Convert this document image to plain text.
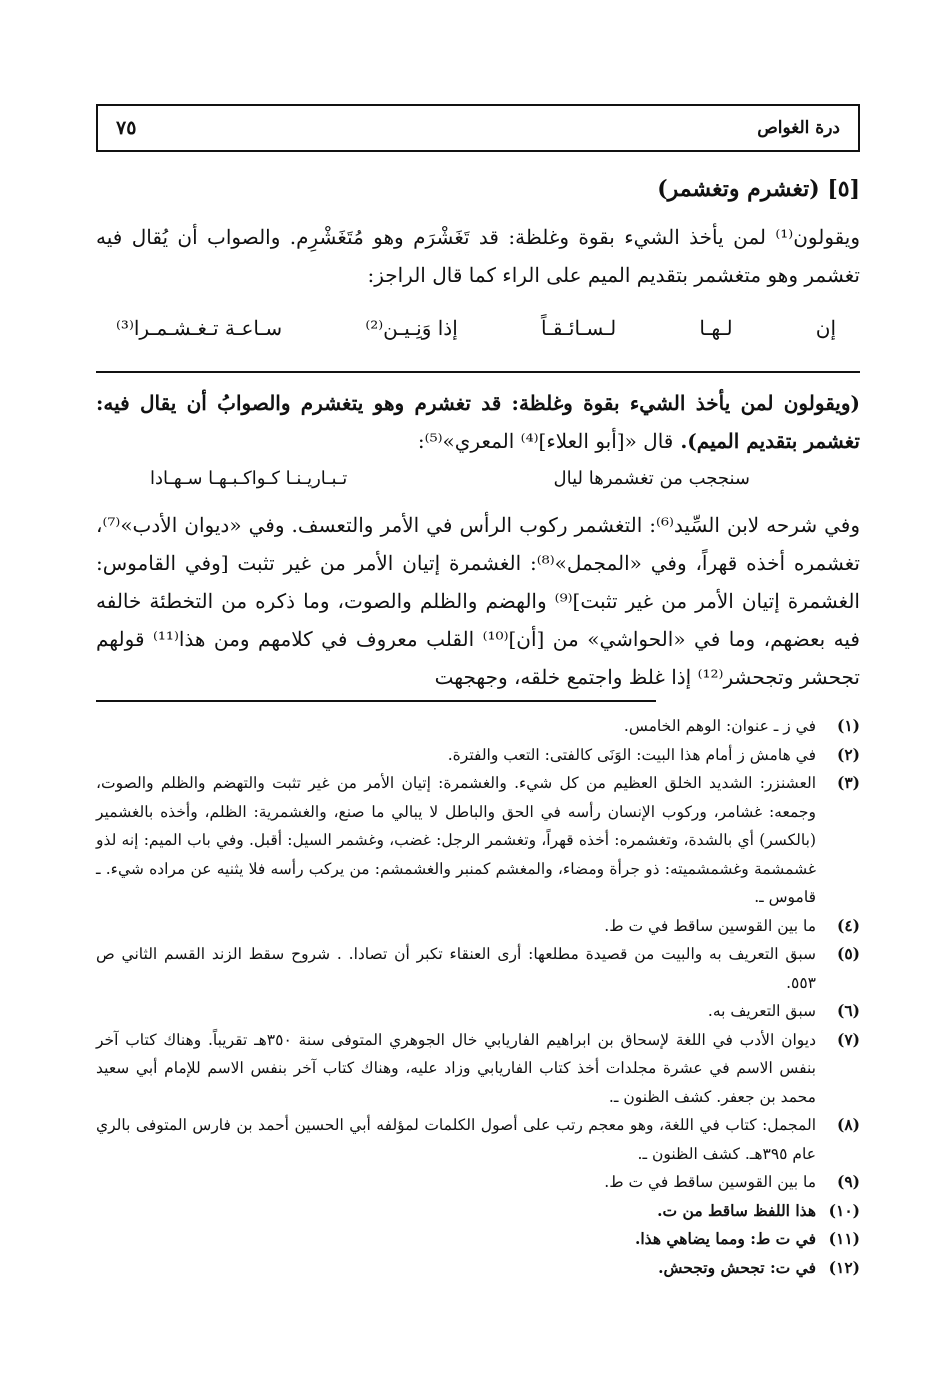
درة الغواص
٧٥
[٥] (تغشرم وتغشمر)
ويقولون⁽¹⁾ لمن يأخذ الشيء بقوة وغلظة: قد تَغَشْرَم وهو مُتَغَشْرِم. والصواب أن يُقال فيه تغشمر وهو متغشمر بتقديم الميم على الراء كما قال الراجز:
إن
لـهـا
لـسـائـقـاً
إذا وَنِـيـن⁽²⁾
سـاعـة تـغـشـمـرا⁽³⁾
(ويقولون لمن يأخذ الشيء بقوة وغلظة: قد تغشرم وهو يتغشرم والصوابُ أن يقال فيه: تغشمر بتقديم الميم). قال «[أبو العلاء]⁽⁴⁾ المعري»⁽⁵⁾:
سنججب من تغشمرها ليال
تـبـاريـنـا كـواكـبـهـا سـهـادا
وفي شرحه لابن السِّيد⁽⁶⁾: التغشمر ركوب الرأس في الأمر والتعسف. وفي «ديوان الأدب»⁽⁷⁾، تغشمره أخذه قهراً، وفي «المجمل»⁽⁸⁾: الغشمرة إتيان الأمر من غير تثبت [وفي القاموس: الغشمرة إتيان الأمر من غير تثبت]⁽⁹⁾ والهضم والظلم والصوت، وما ذكره من التخطئة خالفه فيه بعضهم، وما في «الحواشي» من [أن]⁽¹⁰⁾ القلب معروف في كلامهم ومن هذا⁽¹¹⁾ قولهم تجحشر وتجحشر⁽¹²⁾ إذا غلظ واجتمع خلقه، وجهجهت
(١)
في ز ـ عنوان: الوهم الخامس.
(٢)
في هامش ز أمام هذا البيت: الوَنَى كالفتى: التعب والفترة.
(٣)
العشنزر: الشديد الخلق العظيم من كل شيء. والغشمرة: إتيان الأمر من غير تثبت والتهضم والظلم والصوت، وجمعه: غشامر، وركوب الإنسان رأسه في الحق والباطل لا يبالي ما صنع، والغشمرية: الظلم، وأخذه بالغشمير (بالكسر) أي بالشدة، وتغشمره: أخذه قهراً، وتغشمر الرجل: غضب، وغشمر السيل: أقبل. وفي باب الميم: إنه لذو غشمشمة وغشمشميته: ذو جرأة ومضاء، والمغشم كمنبر والغشمشم: من يركب رأسه فلا يثنيه عن مراده شيء. ـ قاموس ـ.
(٤)
ما بين القوسين ساقط في ت ط.
(٥)
سبق التعريف به والبيت من قصيدة مطلعها: أرى العنقاء تكبر أن تصادا. . شروح سقط الزند القسم الثاني ص ٥٥٣.
(٦)
سبق التعريف به.
(٧)
ديوان الأدب في اللغة لإسحاق بن ابراهيم الفاريابي خال الجوهري المتوفى سنة ٣٥٠هـ تقريباً. وهناك كتاب آخر بنفس الاسم في عشرة مجلدات أخذ كتاب الفاريابي وزاد عليه، وهناك كتاب آخر بنفس الاسم للإمام أبي سعيد محمد بن جعفر. كشف الظنون ـ.
(٨)
المجمل: كتاب في اللغة، وهو معجم رتب على أصول الكلمات لمؤلفه أبي الحسين أحمد بن فارس المتوفى بالري عام ٣٩٥هـ. كشف الظنون ـ.
(٩)
ما بين القوسين ساقط في ت ط.
(١٠)
هذا اللفظ ساقط من ت.
(١١)
في ت ط: ومما يضاهي هذا.
(١٢)
في ت: تجحش وتجحش.
